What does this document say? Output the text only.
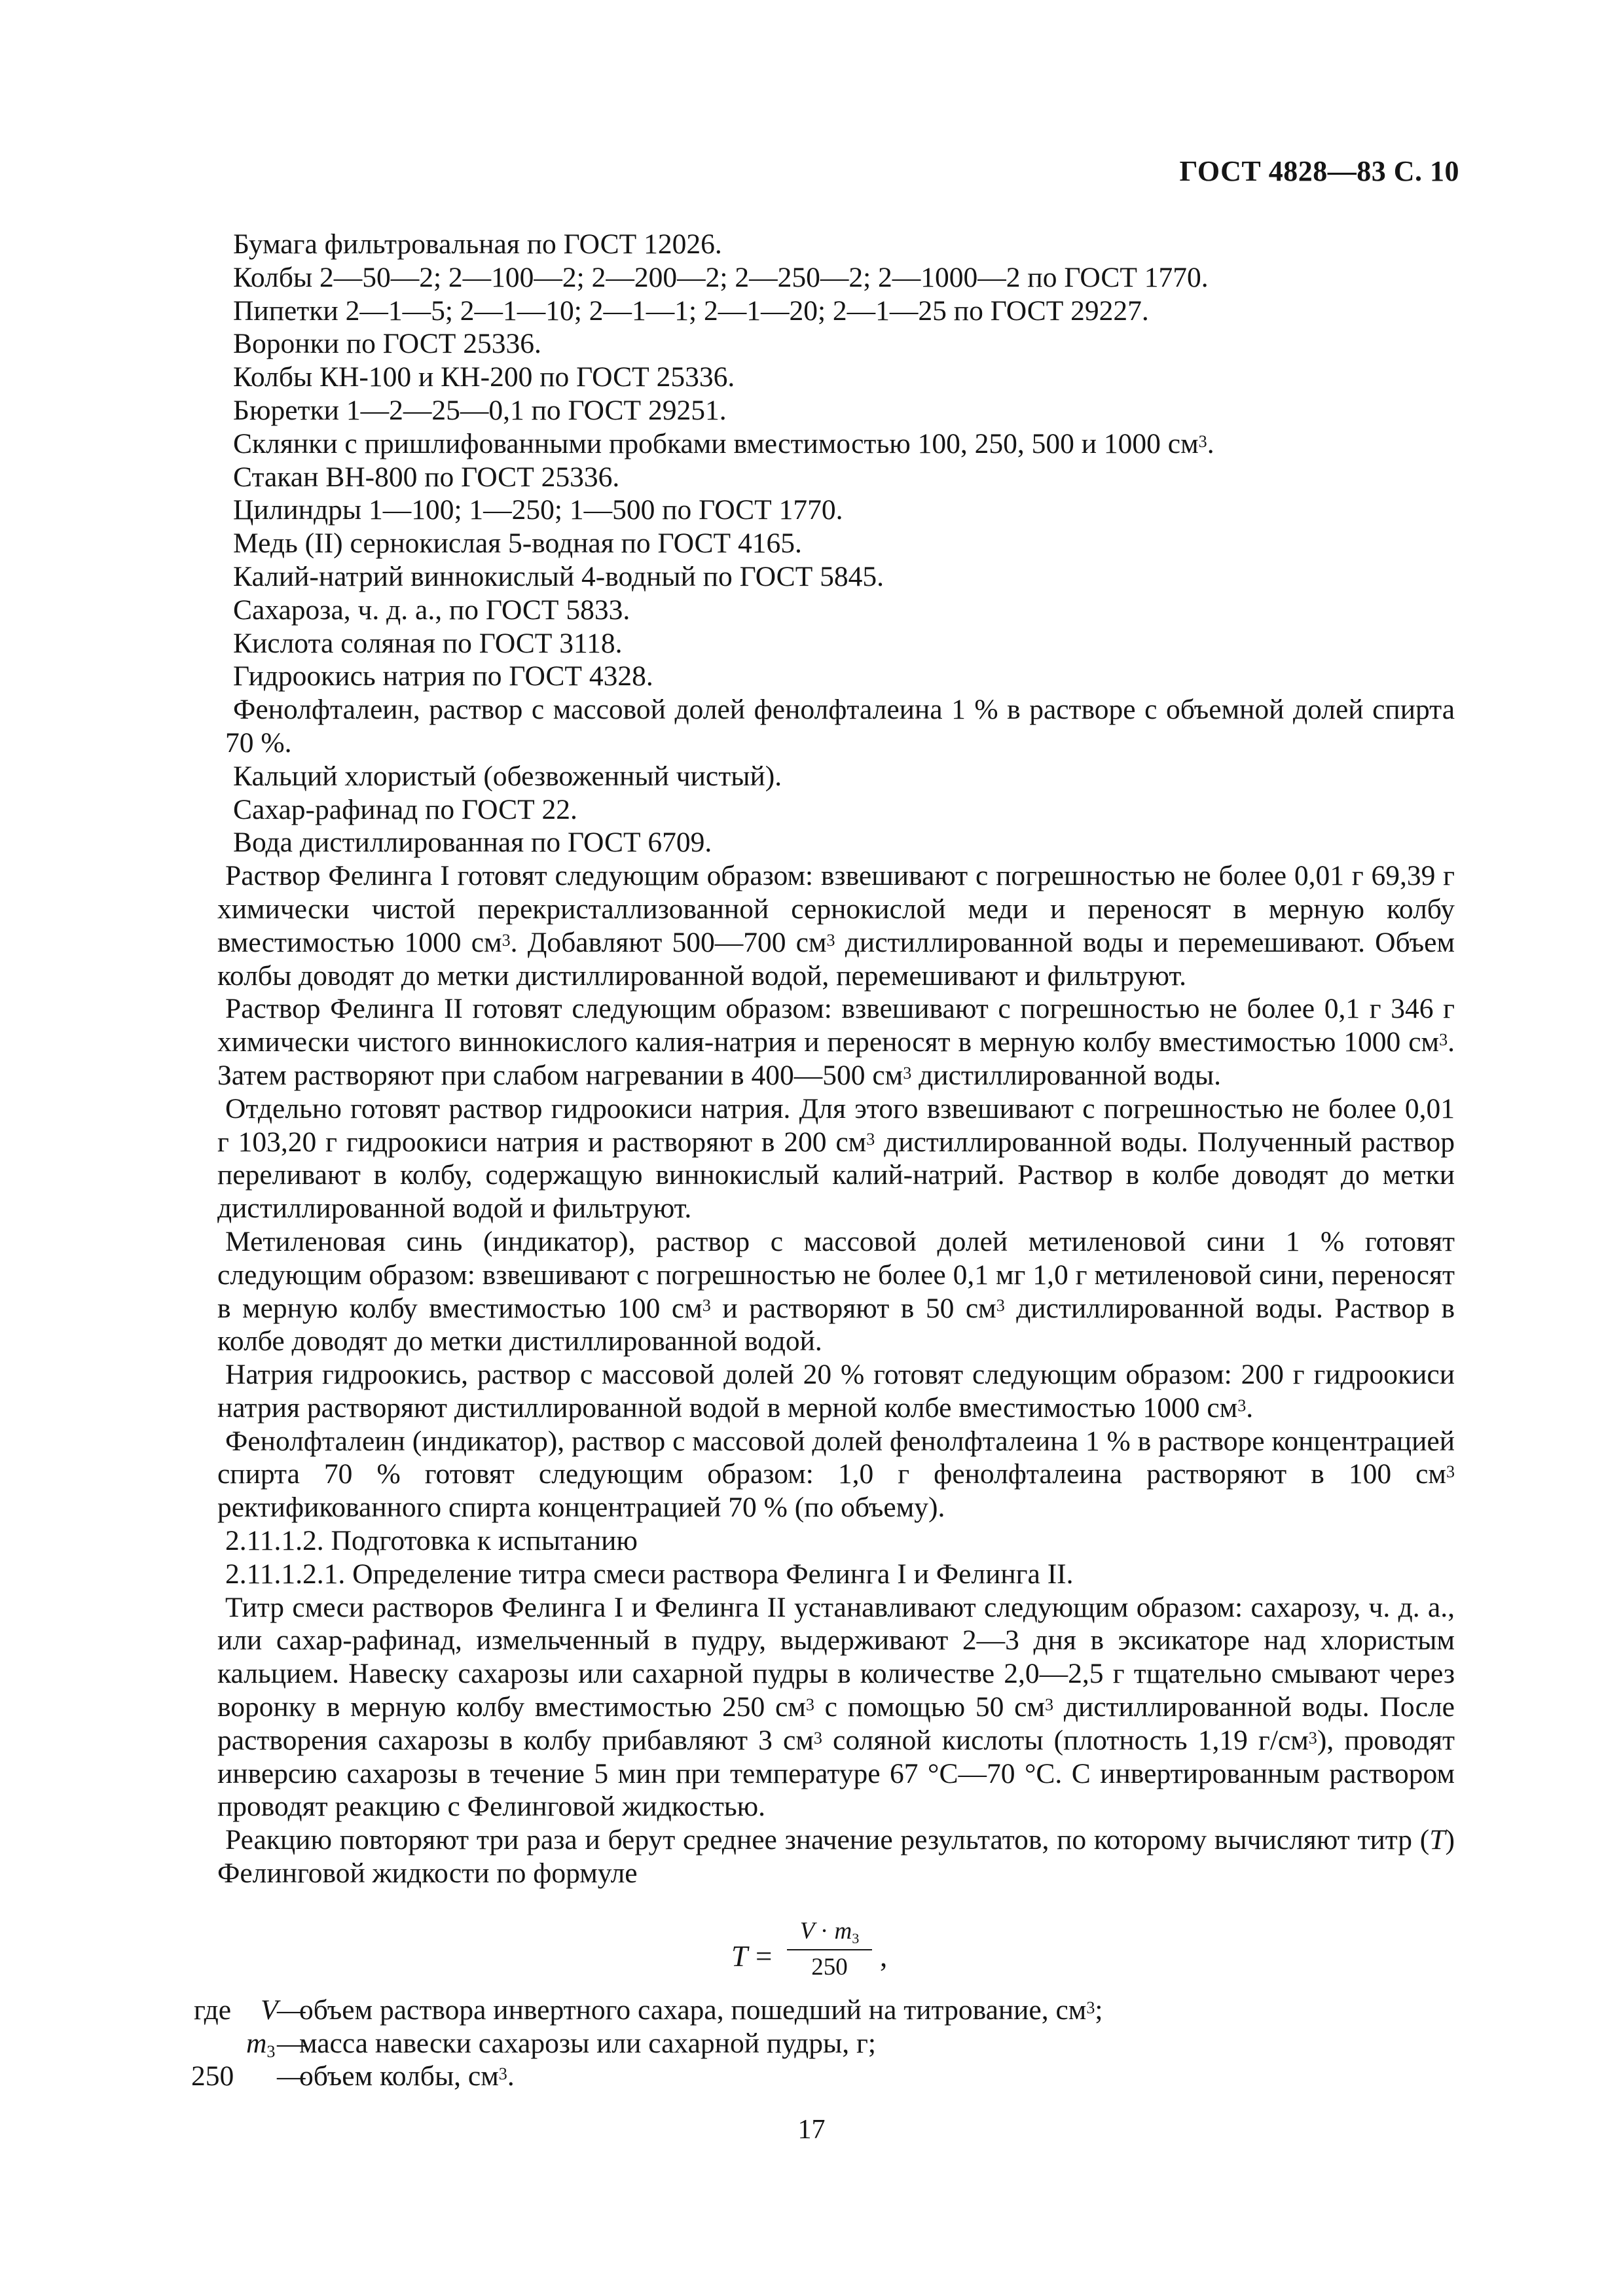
ГОСТ 4828—83 С. 10

Бумага фильтровальная по ГОСТ 12026.

Колбы 2—50—2; 2—100—2; 2—200—2; 2—250—2; 2—1000—2 по ГОСТ 1770.

Пипетки 2—1—5; 2—1—10; 2—1—1; 2—1—20; 2—1—25 по ГОСТ 29227.

Воронки по ГОСТ 25336.

Колбы КН-100 и КН-200 по ГОСТ 25336.

Бюретки 1—2—25—0,1 по ГОСТ 29251.

Склянки с пришлифованными пробками вместимостью 100, 250, 500 и 1000 $см^3$.

Стакан ВН-800 по ГОСТ 25336.

Цилиндры 1—100; 1—250; 1—500 по ГОСТ 1770.

Медь (II) сернокислая 5-водная по ГОСТ 4165.

Калий-натрий виннокислый 4-водный по ГОСТ 5845.

Сахароза, ч. д. а., по ГОСТ 5833.

Кислота соляная по ГОСТ 3118.

Гидроокись натрия по ГОСТ 4328.

Фенолфталеин, раствор с массовой долей фенолфталеина 1 % в растворе с объемной долей спирта 70 %.

Кальций хлористый (обезвоженный чистый).

Сахар-рафинад по ГОСТ 22.

Вода дистиллированная по ГОСТ 6709.

Раствор Фелинга I готовят следующим образом: взвешивают с погрешностью не более 0,01 г 69,39 г химически чистой перекристаллизованной сернокислой меди и переносят в мерную колбу вместимостью 1000 $см^3$. Добавляют 500—700 $см^3$ дистиллированной воды и перемешивают. Объем колбы доводят до метки дистиллированной водой, перемешивают и фильтруют.

Раствор Фелинга II готовят следующим образом: взвешивают с погрешностью не более 0,1 г 346 г химически чистого виннокислого калия-натрия и переносят в мерную колбу вместимостью 1000 $см^3$. Затем растворяют при слабом нагревании в 400—500 $см^3$ дистиллированной воды.

Отдельно готовят раствор гидроокиси натрия. Для этого взвешивают с погрешностью не более 0,01 г 103,20 г гидроокиси натрия и растворяют в 200 $см^3$ дистиллированной воды. Полученный раствор переливают в колбу, содержащую виннокислый калий-натрий. Раствор в колбе доводят до метки дистиллированной водой и фильтруют.

Метиленовая синь (индикатор), раствор с массовой долей метиленовой сини 1 % готовят следующим образом: взвешивают с погрешностью не более 0,1 мг 1,0 г метиленовой сини, переносят в мерную колбу вместимостью 100 $см^3$ и растворяют в 50 $см^3$ дистиллированной воды. Раствор в колбе доводят до метки дистиллированной водой.

Натрия гидроокись, раствор с массовой долей 20 % готовят следующим образом: 200 г гидроокиси натрия растворяют дистиллированной водой в мерной колбе вместимостью 1000 $см^3$.

Фенолфталеин (индикатор), раствор с массовой долей фенолфталеина 1 % в растворе концентрацией спирта 70 % готовят следующим образом: 1,0 г фенолфталеина растворяют в 100 $см^3$ ректификованного спирта концентрацией 70 % (по объему).

2.11.1.2. Подготовка к испытанию

2.11.1.2.1. Определение титра смеси раствора Фелинга I и Фелинга II.

Титр смеси растворов Фелинга I и Фелинга II устанавливают следующим образом: сахарозу, ч. д. а., или сахар-рафинад, измельченный в пудру, выдерживают 2—3 дня в эксикаторе над хлористым кальцием. Навеску сахарозы или сахарной пудры в количестве 2,0—2,5 г тщательно смывают через воронку в мерную колбу вместимостью 250 $см^3$ с помощью 50 $см^3$ дистиллированной воды. После растворения сахарозы в колбу прибавляют 3 $см^3$ соляной кислоты (плотность 1,19 $г/см^3$), проводят инверсию сахарозы в течение 5 мин при температуре 67 °С—70 °С. С инвертированным раствором проводят реакцию с Фелинговой жидкостью.

Реакцию повторяют три раза и берут среднее значение результатов, по которому вычисляют титр (T) Фелинговой жидкости по формуле

$T = \frac{V \cdot m_3}{250}$ ,
где V
—
объем раствора инвертного сахара, пошедший на титрование, $см^3$;
$m_3$ —
масса навески сахарозы или сахарной пудры, г;
250 —
объем колбы, $см^3$.
17
